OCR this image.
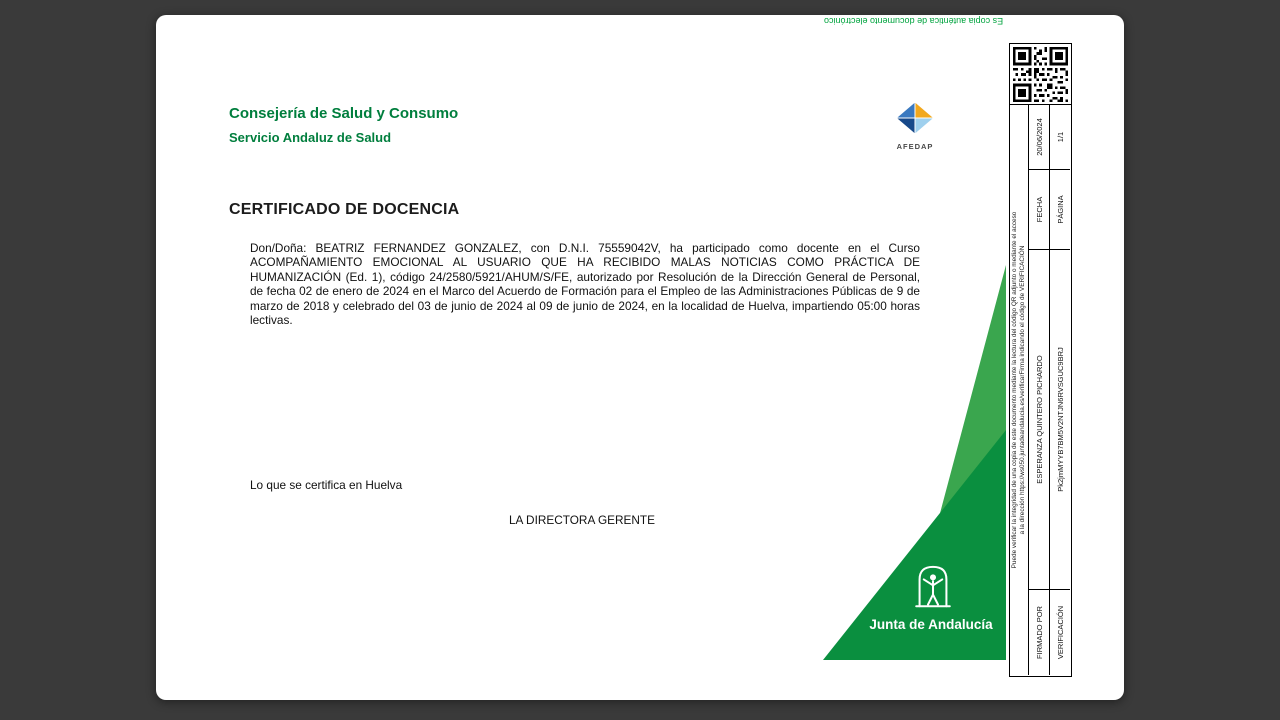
Es copia auténtica de documento electrónico
Consejería de Salud y Consumo
Servicio Andaluz de Salud
AFEDAP
CERTIFICADO DE DOCENCIA

Don/Doña: BEATRIZ FERNANDEZ GONZALEZ, con D.N.I. 75559042V, ha participado como docente en el Curso ACOMPAÑAMIENTO EMOCIONAL AL USUARIO QUE HA RECIBIDO MALAS NOTICIAS COMO PRÁCTICA DE HUMANIZACIÓN (Ed. 1), código 24/2580/5921/AHUM/S/FE, autorizado por Resolución de la Dirección General de Personal, de fecha 02 de enero de 2024 en el Marco del Acuerdo de Formación para el Empleo de las Administraciones Públicas de 9 de marzo de 2018 y celebrado del 03 de junio de 2024 al 09 de junio de 2024, en la localidad de Huelva, impartiendo 05:00 horas lectivas.

Lo que se certifica en Huelva
LA DIRECTORA GERENTE
Junta de Andalucía
Puede verificar la integridad de una copia de este documento mediante la lectura del código QR adjunto o mediante el acceso a la dirección https://ws050.juntadeandalucia.es/verificarFirma indicando el código de VERIFICACIÓN
FIRMADO POR
ESPERANZA QUINTERO PICHARDO
FECHA
20/06/2024
VERIFICACIÓN
Pk2jmMYYB7BM5V2NTJN6RVSGUC9BRJ
PÁGINA
1/1
